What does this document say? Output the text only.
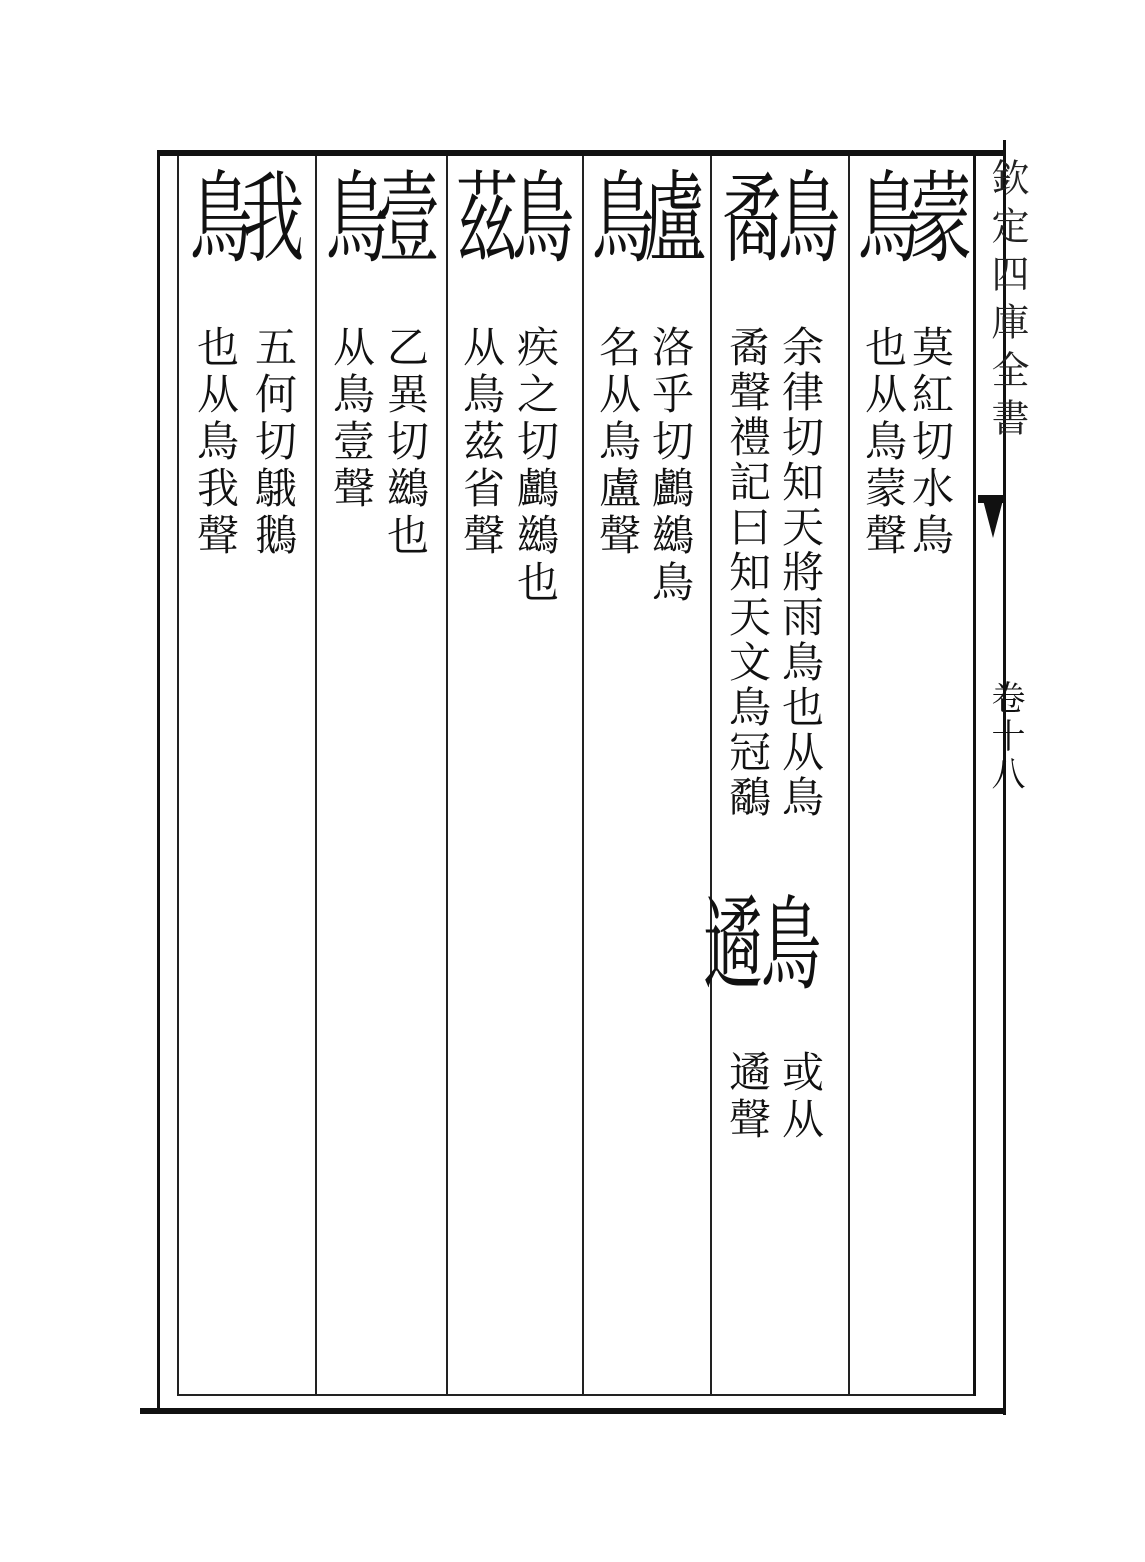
欽定四庫全書
卷十八
鳥
蒙
莫紅切水鳥
也从鳥蒙聲
鳥
矞
余律切知天將雨鳥也从鳥
矞聲禮記曰知天文鳥冠鷸
鳥
遹
或从
遹聲
鳥
盧
洛乎切鸕鷀鳥
名从鳥盧聲
鳥
茲
疾之切鸕鷀也
从鳥茲省聲
鳥
壹
乙異切鷀也
从鳥壹聲
鳥
我
五何切䳘鵝
也从鳥我聲
